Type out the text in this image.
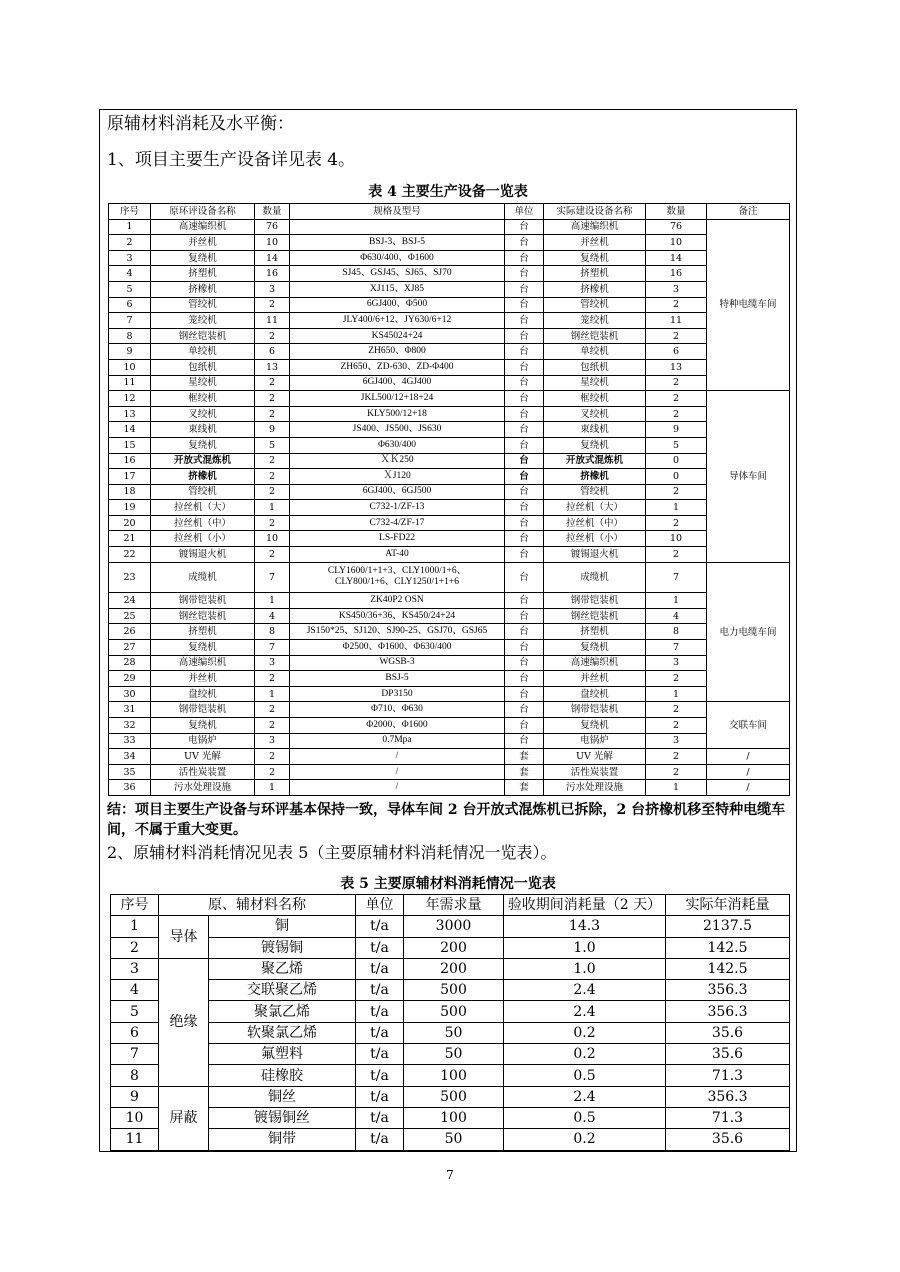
原辅材料消耗及水平衡：
1、项目主要生产设备详见表 4。
表 4 主要生产设备一览表
序号	原环评设备名称	数量	规格及型号	单位	实际建设设备名称	数量	备注
1	高速编织机	76		台	高速编织机	76	特种电缆车间
2	并丝机	10	BSJ-3、BSJ-5	台	并丝机	10	
3	复绕机	14	Φ630/400、Φ1600	台	复绕机	14	
4	挤塑机	16	SJ45、GSJ45、SJ65、SJ70	台	挤塑机	16	
5	挤橡机	3	XJ115、XJ85	台	挤橡机	3	
6	管绞机	2	6GJ400、Φ500	台	管绞机	2	
7	笼绞机	11	JLY400/6+12、JY630/6+12	台	笼绞机	11	
8	钢丝铠装机	2	KS45024+24	台	钢丝铠装机	2	
9	单绞机	6	ZH650、Φ800	台	单绞机	6	
10	包纸机	13	ZH650、ZD-630、ZD-Φ400	台	包纸机	13	
11	星绞机	2	6GJ400、4GJ400	台	星绞机	2	
12	框绞机	2	JKL500/12+18+24	台	框绞机	2	导体车间
13	叉绞机	2	KLY500/12+18	台	叉绞机	2	
14	束线机	9	JS400、JS500、JS630	台	束线机	9	
15	复绕机	5	Φ630/400	台	复绕机	5	
16	开放式混炼机	2	ＸＫ250	台	开放式混炼机	0	
17	挤橡机	2	ＸJ120	台	挤橡机	0	
18	管绞机	2	6GJ400、6GJ500	台	管绞机	2	
19	拉丝机（大）	1	C732-1/ZF-13	台	拉丝机（大）	1	
20	拉丝机（中）	2	C732-4/ZF-17	台	拉丝机（中）	2	
21	拉丝机（小）	10	LS-FD22	台	拉丝机（小）	10	
22	镀锡退火机	2	AT-40	台	镀锡退火机	2	
23	成缆机	7	CLY1600/1+1+3、CLY1000/1+6、
CLY800/1+6、CLY1250/1+1+6	台	成缆机	7	电力电缆车间
24	钢带铠装机	1	ZK40P2 OSN	台	钢带铠装机	1	
25	钢丝铠装机	4	KS450/36+36、KS450/24+24	台	钢丝铠装机	4	
26	挤塑机	8	JS150*25、SJ120、SJ90-25、GSJ70、GSJ65	台	挤塑机	8	
27	复绕机	7	Φ2500、Φ1600、Φ630/400	台	复绕机	7	
28	高速编织机	3	WGSB-3	台	高速编织机	3	
29	并丝机	2	BSJ-5	台	并丝机	2	
30	盘绞机	1	DP3150	台	盘绞机	1	
31	钢带铠装机	2	Φ710、Φ630	台	钢带铠装机	2	交联车间
32	复绕机	2	Φ2000、Φ1600	台	复绕机	2	
33	电锅炉	3	0.7Mpa	台	电锅炉	3	
34	UV 光解	2	/	套	UV 光解	2	/
35	活性炭装置	2	/	套	活性炭装置	2	/
36	污水处理设施	1	/	套	污水处理设施	1	/
结：项目主要生产设备与环评基本保持一致，导体车间 2 台开放式混炼机已拆除，2 台挤橡机移至特种电缆车间，不属于重大变更。
2、原辅材料消耗情况见表 5（主要原辅材料消耗情况一览表）。
表 5 主要原辅材料消耗情况一览表
序号	原、辅材料名称		单位	年需求量	验收期间消耗量（2 天）	实际年消耗量
1	导体	铜	t/a	3000	14.3	2137.5
2		镀锡铜	t/a	200	1.0	142.5
3	绝缘	聚乙烯	t/a	200	1.0	142.5
4		交联聚乙烯	t/a	500	2.4	356.3
5		聚氯乙烯	t/a	500	2.4	356.3
6		软聚氯乙烯	t/a	50	0.2	35.6
7		氟塑料	t/a	50	0.2	35.6
8		硅橡胶	t/a	100	0.5	71.3
9	屏蔽	铜丝	t/a	500	2.4	356.3
10		镀锡铜丝	t/a	100	0.5	71.3
11		铜带	t/a	50	0.2	35.6
7
